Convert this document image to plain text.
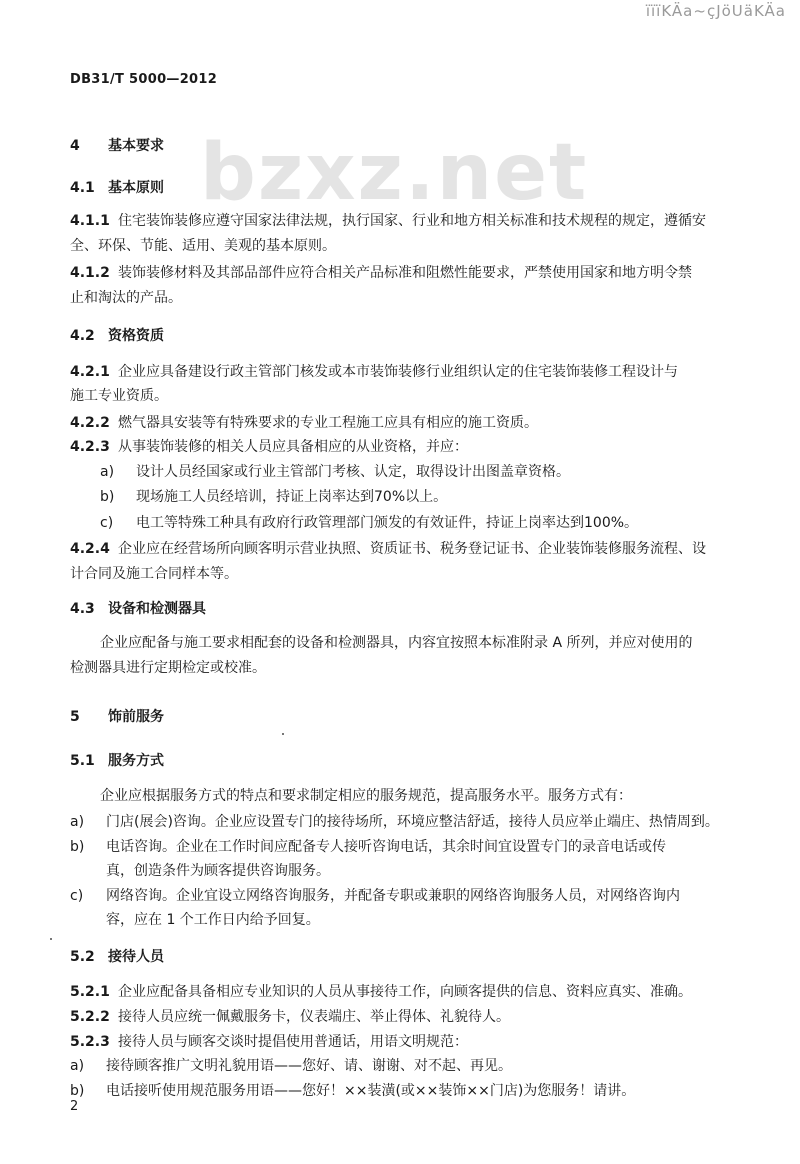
ïïïKÄa~çJöUäKÄa
DB31/T 5000—2012
bzxz.net
4 基本要求
4.1 基本原则
4.1.1 住宅装饰装修应遵守国家法律法规，执行国家、行业和地方相关标准和技术规程的规定，遵循安
全、环保、节能、适用、美观的基本原则。
4.1.2 装饰装修材料及其部品部件应符合相关产品标准和阻燃性能要求，严禁使用国家和地方明令禁
止和淘汰的产品。
4.2 资格资质
4.2.1 企业应具备建设行政主管部门核发或本市装饰装修行业组织认定的住宅装饰装修工程设计与
施工专业资质。
4.2.2 燃气器具安装等有特殊要求的专业工程施工应具有相应的施工资质。
4.2.3 从事装饰装修的相关人员应具备相应的从业资格，并应：
a) 设计人员经国家或行业主管部门考核、认定，取得设计出图盖章资格。
b) 现场施工人员经培训，持证上岗率达到70%以上。
c) 电工等特殊工种具有政府行政管理部门颁发的有效证件，持证上岗率达到100%。
4.2.4 企业应在经营场所向顾客明示营业执照、资质证书、税务登记证书、企业装饰装修服务流程、设
计合同及施工合同样本等。
4.3 设备和检测器具
企业应配备与施工要求相配套的设备和检测器具，内容宜按照本标准附录 A 所列，并应对使用的
检测器具进行定期检定或校准。
5 饰前服务
5.1 服务方式
企业应根据服务方式的特点和要求制定相应的服务规范，提高服务水平。服务方式有：
a) 门店(展会)咨询。企业应设置专门的接待场所，环境应整洁舒适，接待人员应举止端庄、热情周到。
b) 电话咨询。企业在工作时间应配备专人接听咨询电话，其余时间宜设置专门的录音电话或传
真，创造条件为顾客提供咨询服务。
c) 网络咨询。企业宜设立网络咨询服务，并配备专职或兼职的网络咨询服务人员，对网络咨询内
容，应在 1 个工作日内给予回复。
5.2 接待人员
5.2.1 企业应配备具备相应专业知识的人员从事接待工作，向顾客提供的信息、资料应真实、准确。
5.2.2 接待人员应统一佩戴服务卡，仪表端庄、举止得体、礼貌待人。
5.2.3 接待人员与顾客交谈时提倡使用普通话，用语文明规范：
a) 接待顾客推广文明礼貌用语——您好、请、谢谢、对不起、再见。
b) 电话接听使用规范服务用语——您好！××装潢(或××装饰××门店)为您服务！请讲。
2
